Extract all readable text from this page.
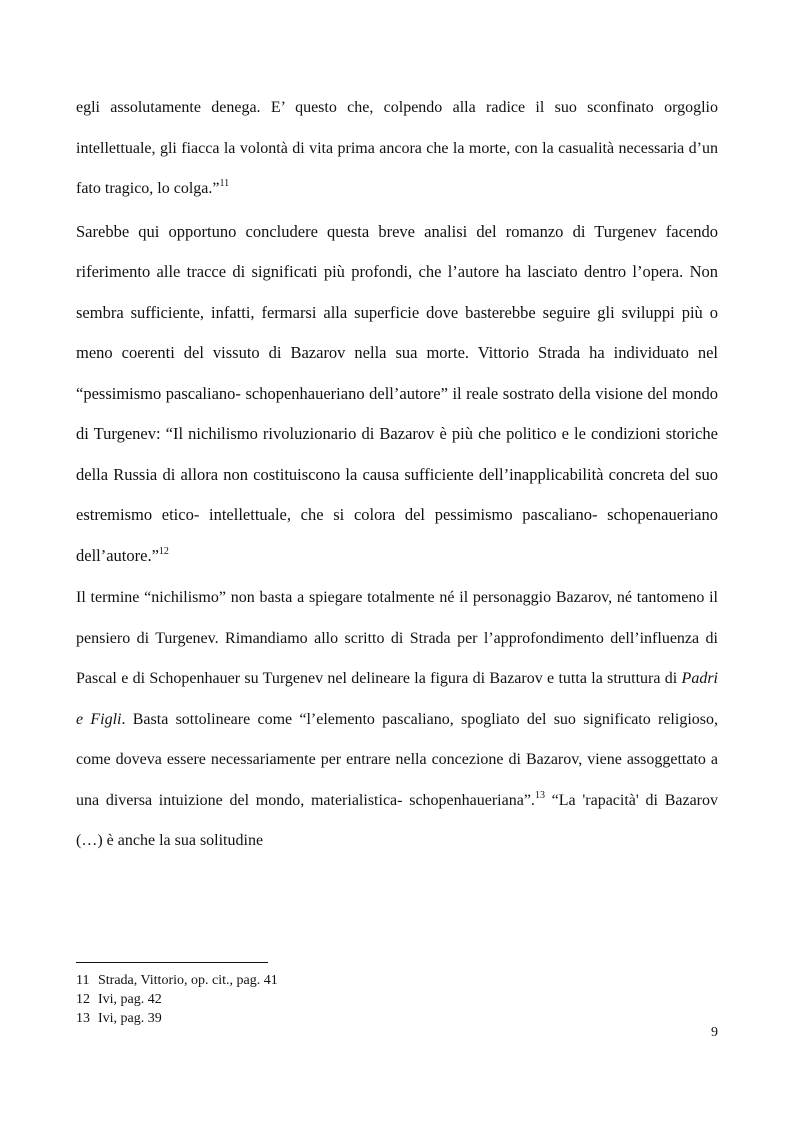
egli assolutamente denega. E’ questo che, colpendo alla radice il suo sconfinato orgoglio intellettuale, gli fiacca la volontà di vita prima ancora che la morte, con la casualità necessaria d’un fato tragico, lo colga.”$^{11}$

Sarebbe qui opportuno concludere questa breve analisi del romanzo di Turgenev facendo riferimento alle tracce di significati più profondi, che l’autore ha lasciato dentro l’opera. Non sembra sufficiente, infatti, fermarsi alla superficie dove basterebbe seguire gli sviluppi più o meno coerenti del vissuto di Bazarov nella sua morte. Vittorio Strada ha individuato nel “pessimismo pascaliano- schopenhaueriano dell’autore” il reale sostrato della visione del mondo di Turgenev: “Il nichilismo rivoluzionario di Bazarov è più che politico e le condizioni storiche della Russia di allora non costituiscono la causa sufficiente dell’inapplicabilità concreta del suo estremismo etico- intellettuale, che si colora del pessimismo pascaliano- schopenaueriano dell’autore.”$^{12}$

Il termine “nichilismo” non basta a spiegare totalmente né il personaggio Bazarov, né tantomeno il pensiero di Turgenev. Rimandiamo allo scritto di Strada per l’approfondimento dell’influenza di Pascal e di Schopenhauer su Turgenev nel delineare la figura di Bazarov e tutta la struttura di Padri e Figli. Basta sottolineare come “l’elemento pascaliano, spogliato del suo significato religioso, come doveva essere necessariamente per entrare nella concezione di Bazarov, viene assoggettato a una diversa intuizione del mondo, materialistica- schopenhaueriana”.$^{13}$ “La 'rapacità' di Bazarov (…) è anche la sua solitudine

11 Strada, Vittorio, op. cit., pag. 41
12 Ivi, pag. 42
13 Ivi, pag. 39
9
